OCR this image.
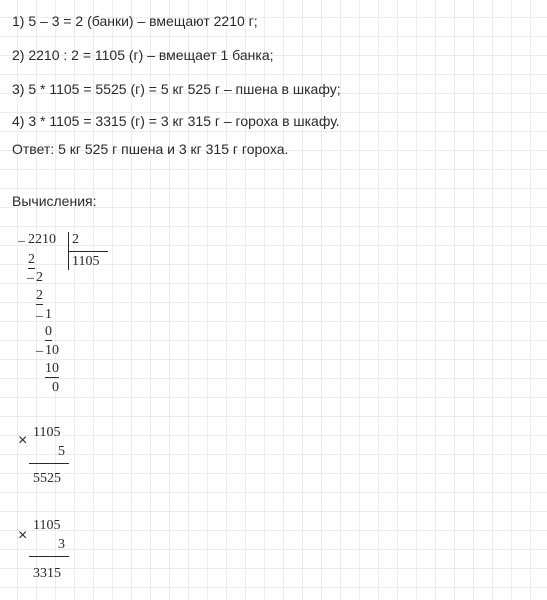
1) 5 – 3 = 2 (банки) – вмещают 2210 г;
2) 2210 : 2 = 1105 (г) – вмещает 1 банка;
3) 5 * 1105 = 5525 (г) = 5 кг 525 г – пшена в шкафу;
4) 3 * 1105 = 3315 (г) = 3 кг 315 г – гороха в шкафу.
Ответ: 5 кг 525 г пшена и 3 кг 315 г гороха.
Вычисления:
_ 2210 2
1105
2
_ 2
2
_ 1
0
_ 10
10
0
× 1105
5
5525
×
1105
3
3315
